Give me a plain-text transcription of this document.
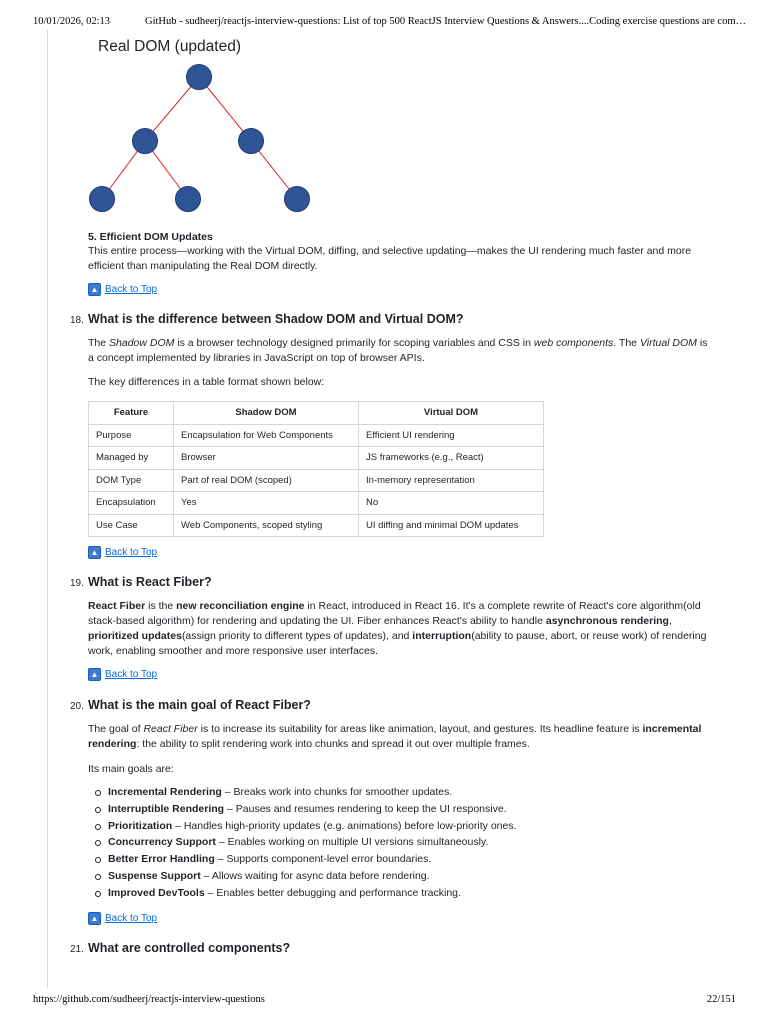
10/01/2026, 02:13	GitHub - sudheerj/reactjs-interview-questions: List of top 500 ReactJS Interview Questions & Answers....Coding exercise questions are com…
Real DOM (updated)
5. Efficient DOM Updates
This entire process—working with the Virtual DOM, diffing, and selective updating—makes the UI rendering much faster and more efficient than manipulating the Real DOM directly.
▲ Back to Top
18. What is the difference between Shadow DOM and Virtual DOM?
The Shadow DOM is a browser technology designed primarily for scoping variables and CSS in web components. The Virtual DOM is a concept implemented by libraries in JavaScript on top of browser APIs.
The key differences in a table format shown below:
Feature	Shadow DOM	Virtual DOM
Purpose	Encapsulation for Web Components	Efficient UI rendering
Managed by	Browser	JS frameworks (e.g., React)
DOM Type	Part of real DOM (scoped)	In-memory representation
Encapsulation	Yes	No
Use Case	Web Components, scoped styling	UI diffing and minimal DOM updates
▲ Back to Top
19. What is React Fiber?
React Fiber is the new reconciliation engine in React, introduced in React 16. It's a complete rewrite of React's core algorithm(old stack-based algorithm) for rendering and updating the UI. Fiber enhances React's ability to handle asynchronous rendering, prioritized updates(assign priority to different types of updates), and interruption(ability to pause, abort, or reuse work) of rendering work, enabling smoother and more responsive user interfaces.
▲ Back to Top
20. What is the main goal of React Fiber?
The goal of React Fiber is to increase its suitability for areas like animation, layout, and gestures. Its headline feature is incremental rendering: the ability to split rendering work into chunks and spread it out over multiple frames.
Its main goals are:
Incremental Rendering – Breaks work into chunks for smoother updates.
Interruptible Rendering – Pauses and resumes rendering to keep the UI responsive.
Prioritization – Handles high-priority updates (e.g. animations) before low-priority ones.
Concurrency Support – Enables working on multiple UI versions simultaneously.
Better Error Handling – Supports component-level error boundaries.
Suspense Support – Allows waiting for async data before rendering.
Improved DevTools – Enables better debugging and performance tracking.
▲ Back to Top
21. What are controlled components?
https://github.com/sudheerj/reactjs-interview-questions	22/151
